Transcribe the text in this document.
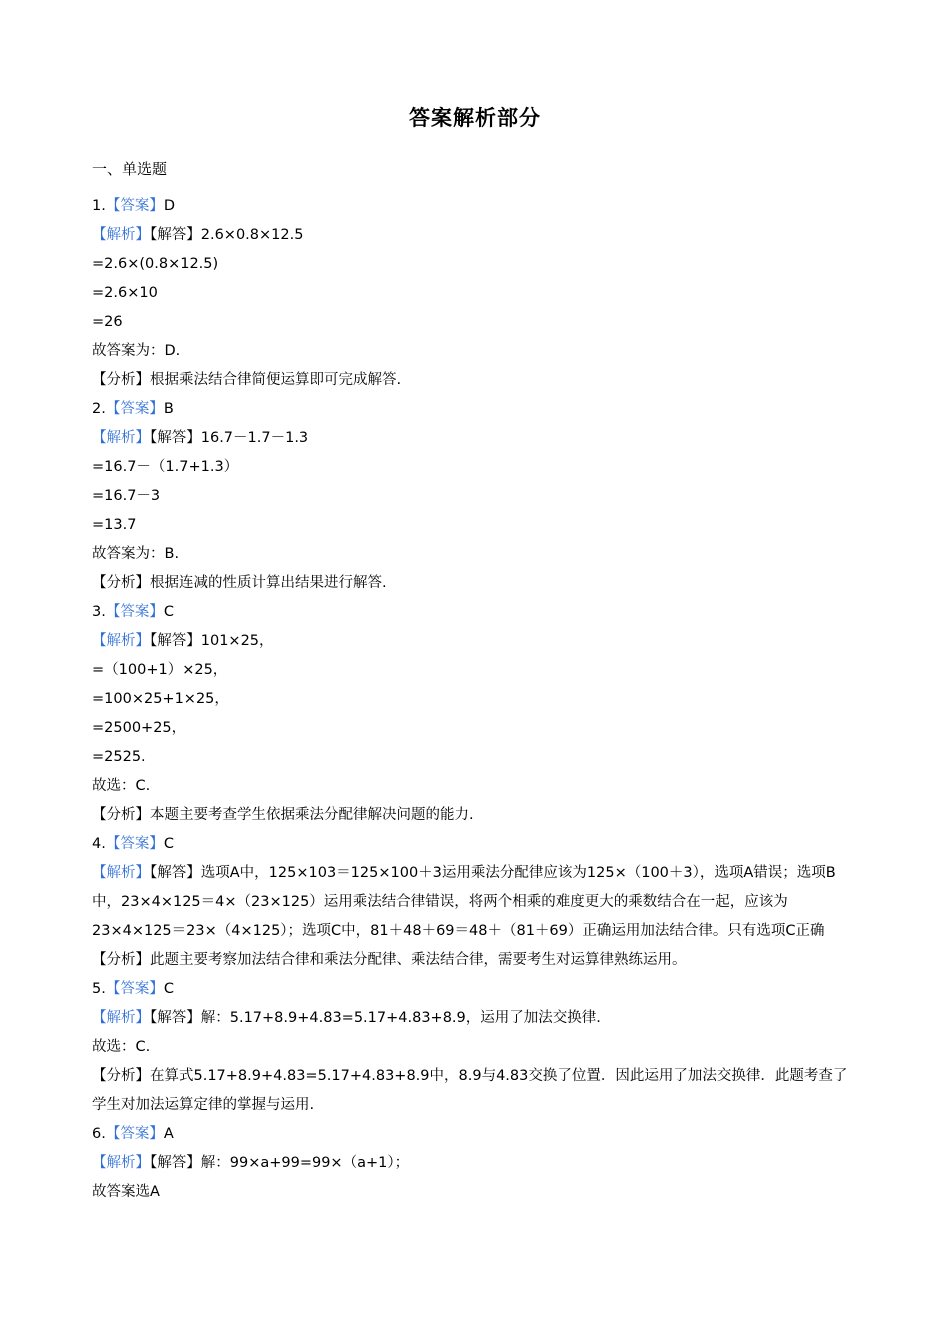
答案解析部分
一、单选题
1.【答案】D
【解析】【解答】2.6×0.8×12.5
=2.6×(0.8×12.5)
=2.6×10
=26
故答案为：D.
【分析】根据乘法结合律简便运算即可完成解答.
2.【答案】B
【解析】【解答】16.7－1.7－1.3
=16.7－（1.7+1.3）
=16.7－3
=13.7
故答案为：B.
【分析】根据连减的性质计算出结果进行解答.
3.【答案】C
【解析】【解答】101×25，
=（100+1）×25，
=100×25+1×25，
=2500+25，
=2525.
故选：C.
【分析】本题主要考查学生依据乘法分配律解决问题的能力.
4.【答案】C
【解析】【解答】选项A中，125×103＝125×100＋3运用乘法分配律应该为125×（100＋3），选项A错误；选项B中，23×4×125＝4×（23×125）运用乘法结合律错误，将两个相乘的难度更大的乘数结合在一起，应该为23×4×125＝23×（4×125）；选项C中，81＋48＋69＝48＋（81＋69）正确运用加法结合律。只有选项C正确
【分析】此题主要考察加法结合律和乘法分配律、乘法结合律，需要考生对运算律熟练运用。
5.【答案】C
【解析】【解答】解：5.17+8.9+4.83=5.17+4.83+8.9，运用了加法交换律.
故选：C.
【分析】在算式5.17+8.9+4.83=5.17+4.83+8.9中，8.9与4.83交换了位置．因此运用了加法交换律．此题考查了学生对加法运算定律的掌握与运用.
6.【答案】A
【解析】【解答】解：99×a+99=99×（a+1）；
故答案选A
